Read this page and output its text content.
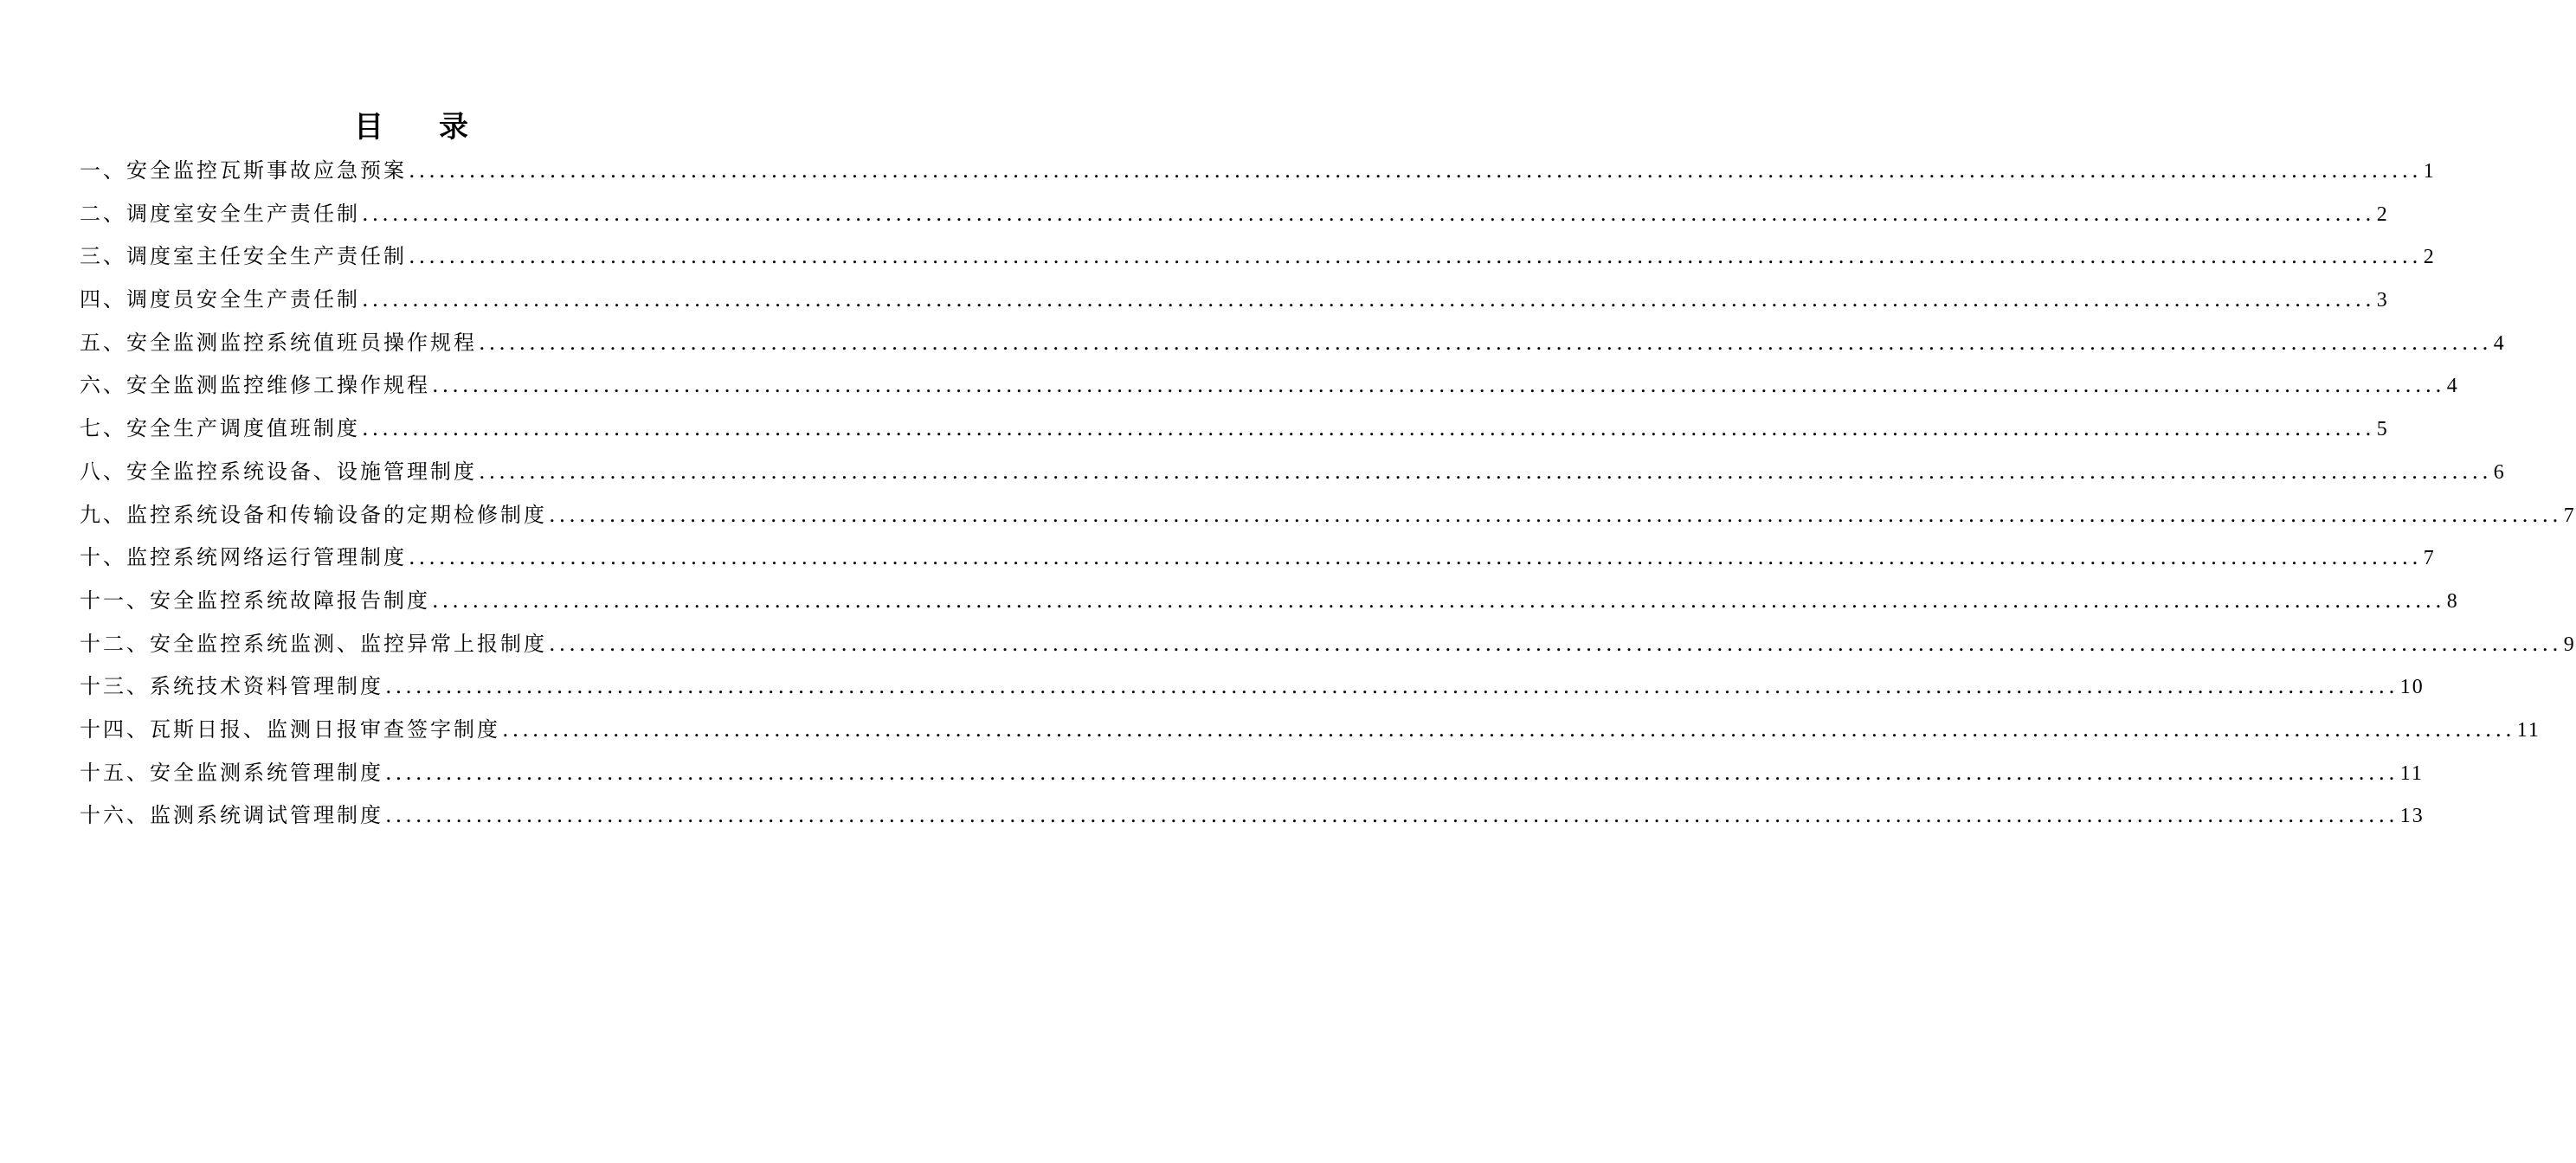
目录
一、安全监控瓦斯事故应急预案 ........................................................................................................................................................................................................ 1
二、调度室安全生产责任制 ........................................................................................................................................................................................................ 2
三、调度室主任安全生产责任制 ........................................................................................................................................................................................................ 2
四、调度员安全生产责任制 ........................................................................................................................................................................................................ 3
五、安全监测监控系统值班员操作规程 ........................................................................................................................................................................................................ 4
六、安全监测监控维修工操作规程 ........................................................................................................................................................................................................ 4
七、安全生产调度值班制度 ........................................................................................................................................................................................................ 5
八、安全监控系统设备、设施管理制度 ........................................................................................................................................................................................................ 6
九、监控系统设备和传输设备的定期检修制度 ........................................................................................................................................................................................................ 7
十、监控系统网络运行管理制度 ........................................................................................................................................................................................................ 7
十一、安全监控系统故障报告制度 ........................................................................................................................................................................................................ 8
十二、安全监控系统监测、监控异常上报制度 ........................................................................................................................................................................................................ 9
十三、系统技术资料管理制度 ........................................................................................................................................................................................................ 10
十四、瓦斯日报、监测日报审查签字制度 ........................................................................................................................................................................................................ 11
十五、安全监测系统管理制度 ........................................................................................................................................................................................................ 11
十六、监测系统调试管理制度 ........................................................................................................................................................................................................ 13
